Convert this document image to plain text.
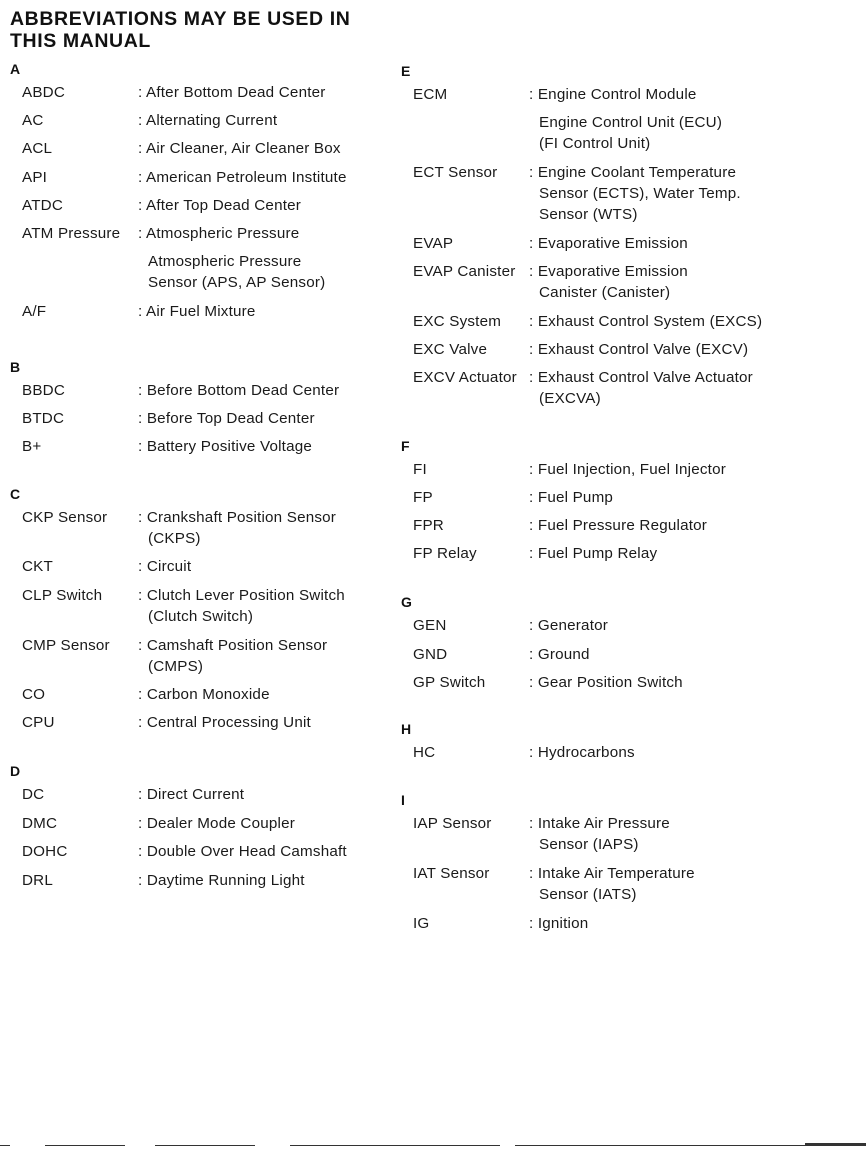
ABBREVIATIONS MAY BE USED IN THIS MANUAL
A
ABDC	: After Bottom Dead Center
AC	: Alternating Current
ACL	: Air Cleaner, Air Cleaner Box
API	: American Petroleum Institute
ATDC	: After Top Dead Center
ATM Pressure : Atmospheric Pressure
Atmospheric Pressure
Sensor (APS, AP Sensor)
A/F	: Air Fuel Mixture
B
BBDC	: Before Bottom Dead Center
BTDC	: Before Top Dead Center
B+	: Battery Positive Voltage
C
CKP Sensor : Crankshaft Position Sensor
(CKPS)
CKT	: Circuit
CLP Switch : Clutch Lever Position Switch
(Clutch Switch)
CMP Sensor : Camshaft Position Sensor
(CMPS)
CO	: Carbon Monoxide
CPU	: Central Processing Unit
D
DC	: Direct Current
DMC	: Dealer Mode Coupler
DOHC	: Double Over Head Camshaft
DRL	: Daytime Running Light
E
ECM	: Engine Control Module
Engine Control Unit (ECU)
(FI Control Unit)
ECT Sensor : Engine Coolant Temperature
Sensor (ECTS), Water Temp.
Sensor (WTS)
EVAP	: Evaporative Emission
EVAP Canister : Evaporative Emission
Canister (Canister)
EXC System : Exhaust Control System (EXCS)
EXC Valve	: Exhaust Control Valve (EXCV)
EXCV Actuator : Exhaust Control Valve Actuator
(EXCVA)
F
FI	: Fuel Injection, Fuel Injector
FP	: Fuel Pump
FPR	: Fuel Pressure Regulator
FP Relay	: Fuel Pump Relay
G
GEN	: Generator
GND	: Ground
GP Switch	: Gear Position Switch
H
HC	: Hydrocarbons
I
IAP Sensor : Intake Air Pressure
Sensor (IAPS)
IAT Sensor	: Intake Air Temperature
Sensor (IATS)
IG	: Ignition
